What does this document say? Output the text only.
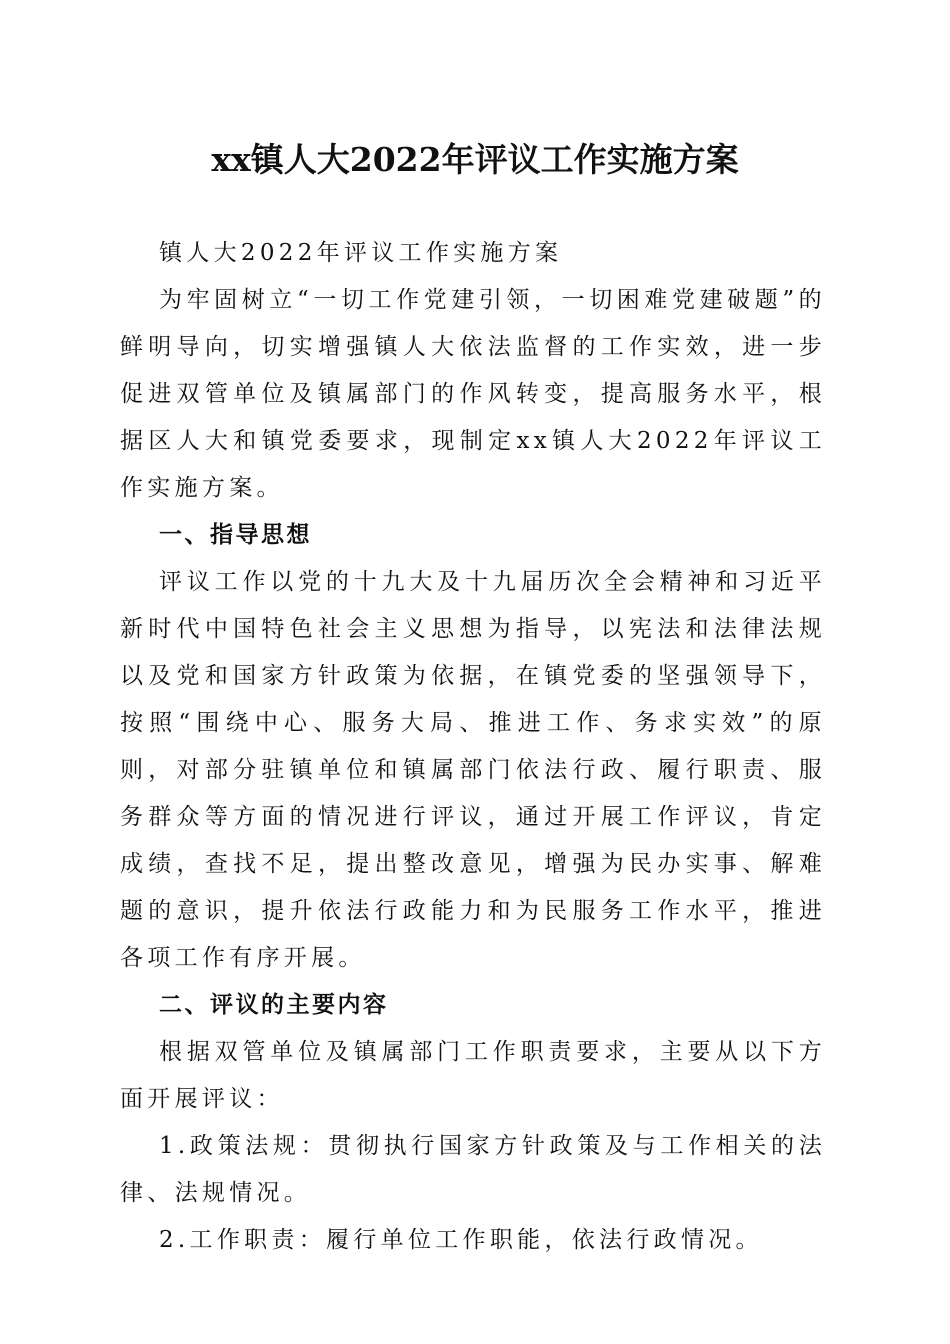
xx镇人大2022年评议工作实施方案

镇人大2022年评议工作实施方案

为牢固树立“一切工作党建引领，一切困难党建破题”的鲜明导向，切实增强镇人大依法监督的工作实效，进一步促进双管单位及镇属部门的作风转变，提高服务水平，根据区人大和镇党委要求，现制定xx镇人大2022年评议工作实施方案。

一、指导思想

评议工作以党的十九大及十九届历次全会精神和习近平新时代中国特色社会主义思想为指导，以宪法和法律法规以及党和国家方针政策为依据，在镇党委的坚强领导下，按照“围绕中心、服务大局、推进工作、务求实效”的原则，对部分驻镇单位和镇属部门依法行政、履行职责、服务群众等方面的情况进行评议，通过开展工作评议，肯定成绩，查找不足，提出整改意见，增强为民办实事、解难题的意识，提升依法行政能力和为民服务工作水平，推进各项工作有序开展。

二、评议的主要内容

根据双管单位及镇属部门工作职责要求，主要从以下方面开展评议：

1.政策法规：贯彻执行国家方针政策及与工作相关的法律、法规情况。

2.工作职责：履行单位工作职能，依法行政情况。
